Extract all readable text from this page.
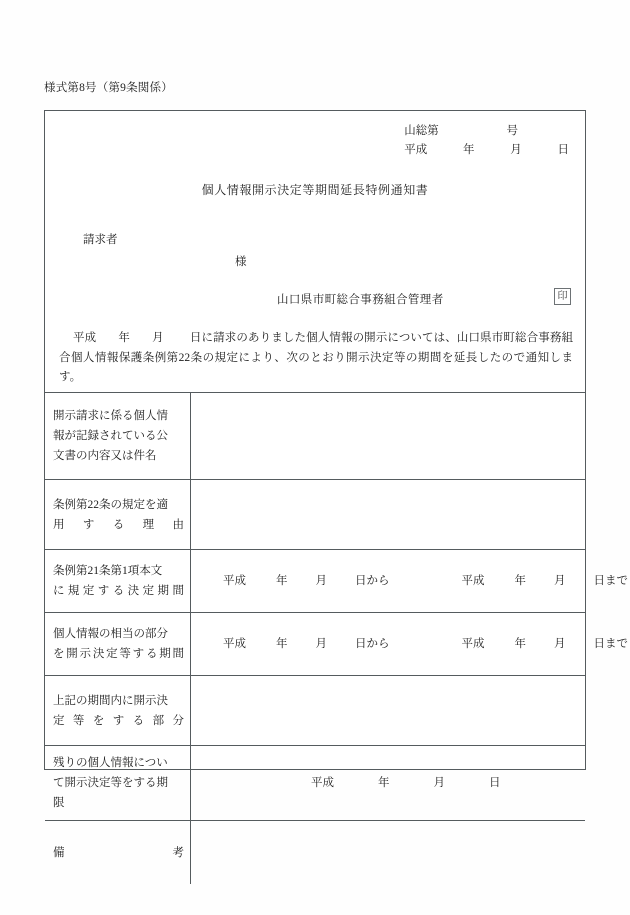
様式第8号（第9条関係）
山総第	号
平成	年	月	日
個人情報開示決定等期間延長特例通知書
請求者
様
山口県市町総合事務組合管理者	印
平成 年 月 日に請求のありました個人情報の開示については、山口県市町総合事務組合個人情報保護条例第22条の規定により、次のとおり開示決定等の期間を延長したので通知します。
開示請求に係る個人情
報が記録されている公
文書の内容又は件名	

条例第22条の規定を適
用する理由	

条例第21条第1項本文
に規定する決定期間	平成 年 月 日から 平成 年 月 日まで

個人情報の相当の部分
を開示決定等する期間	平成 年 月 日から 平成 年 月 日まで

上記の期間内に開示決
定等をする部分	

残りの個人情報につい
て開示決定等をする期
限	平成 年 月 日

備考	
